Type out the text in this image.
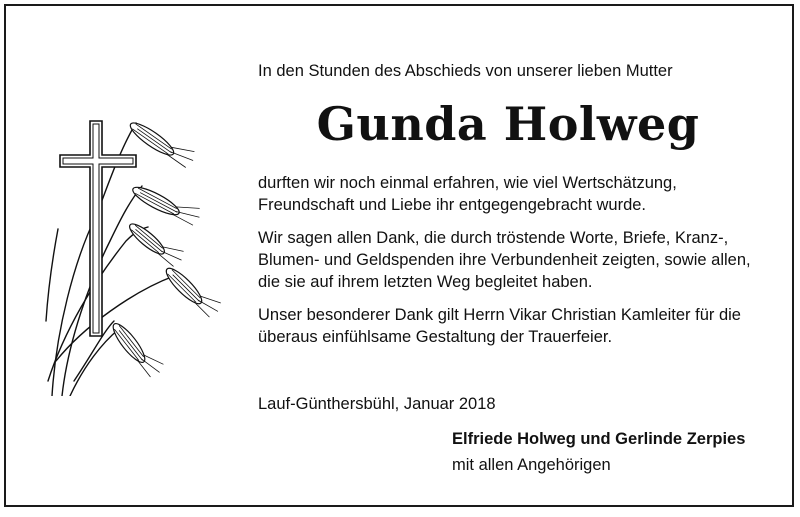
In den Stunden des Abschieds von unserer lieben Mutter

Gunda Holweg

durften wir noch einmal erfahren, wie viel Wertschätzung, Freundschaft und Liebe ihr entgegengebracht wurde.

Wir sagen allen Dank, die durch tröstende Worte, Briefe, Kranz-, Blumen- und Geldspenden ihre Verbundenheit zeigten, sowie allen, die sie auf ihrem letzten Weg begleitet haben.

Unser besonderer Dank gilt Herrn Vikar Christian Kamleiter für die überaus einfühlsame Gestaltung der Trauerfeier.

Lauf-Günthersbühl, Januar 2018
Elfriede Holweg und Gerlinde Zerpies
mit allen Angehörigen
